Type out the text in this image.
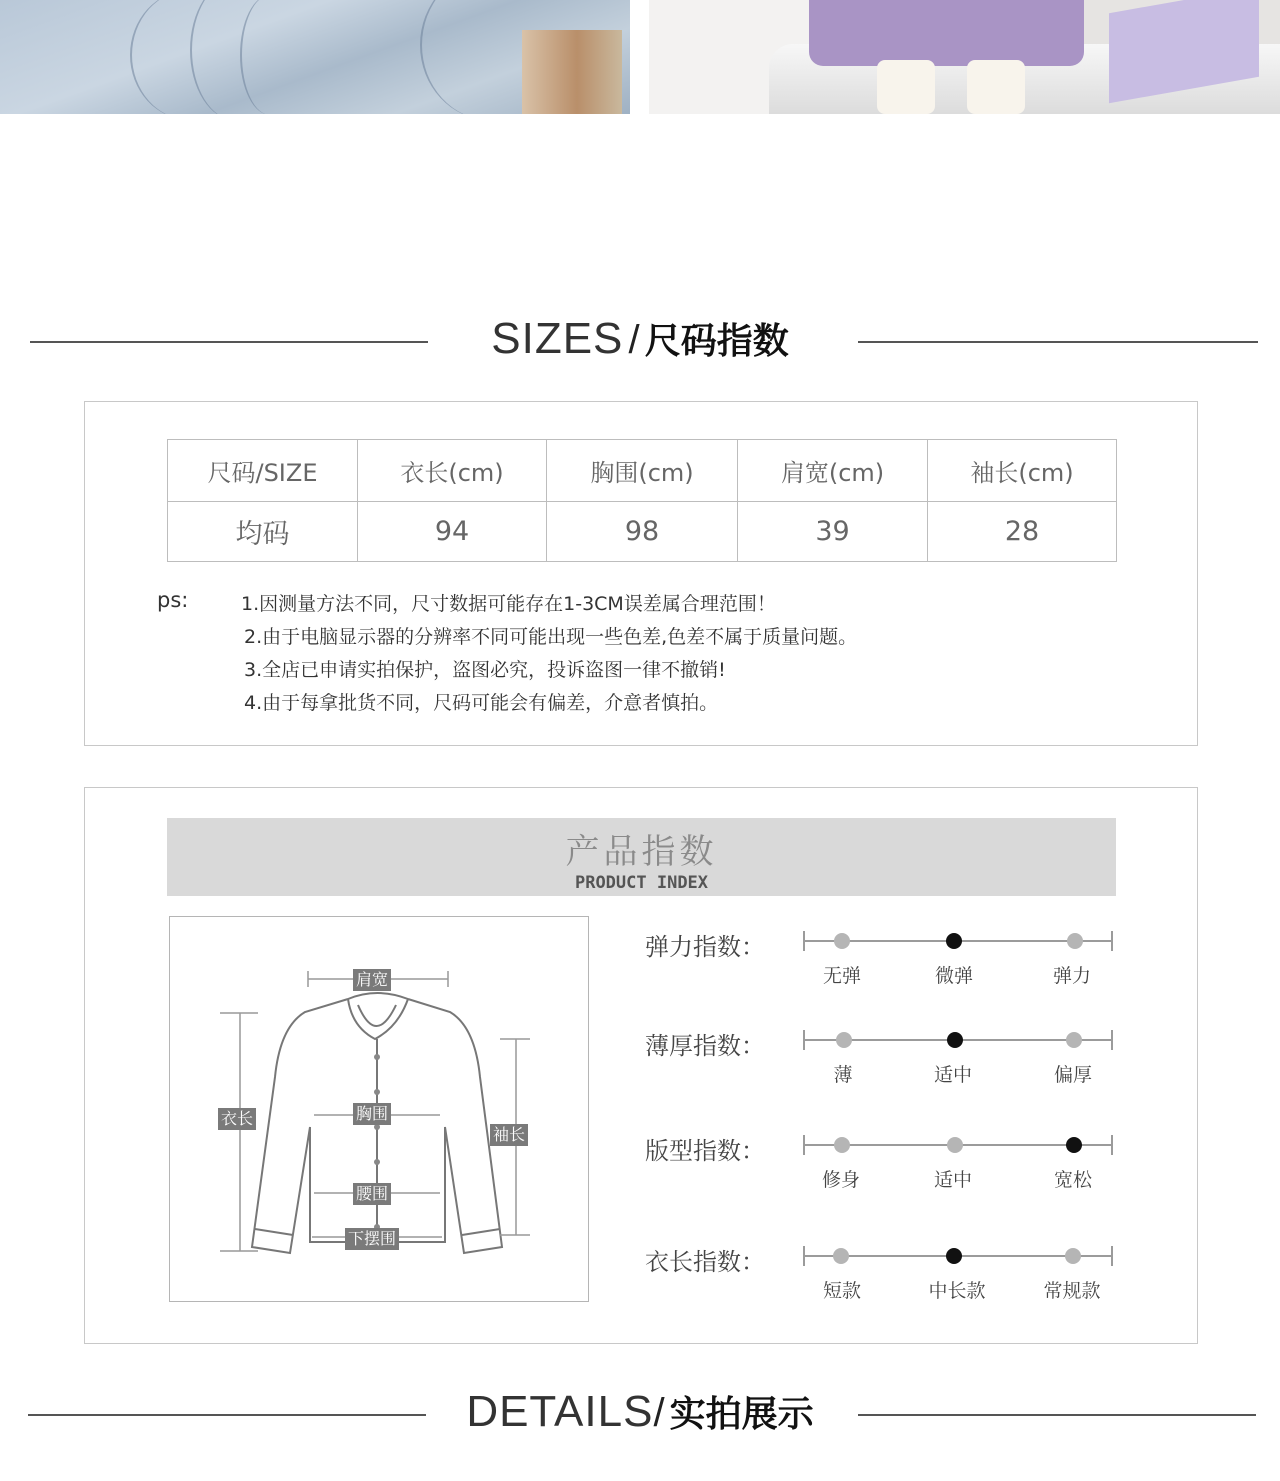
SIZES / 尺码指数
尺码/SIZE	衣长(cm)	胸围(cm)	肩宽(cm)	袖长(cm)
均码	94	98	39	28
ps:	1.因测量方法不同，尺寸数据可能存在1-3CM误差属合理范围！
2.由于电脑显示器的分辨率不同可能出现一些色差,色差不属于质量问题。
3.全店已申请实拍保护，盗图必究，投诉盗图一律不撤销!
4.由于每拿批货不同，尺码可能会有偏差，介意者慎拍。
产品指数
PRODUCT INDEX
肩宽
衣长	胸围
袖长
腰围
下摆围
弹力指数：
无弹	微弹	弹力
薄厚指数：
薄	适中	偏厚
版型指数：
修身	适中	宽松
衣长指数：
短款	中长款	常规款
DETAILS/ 实拍展示
